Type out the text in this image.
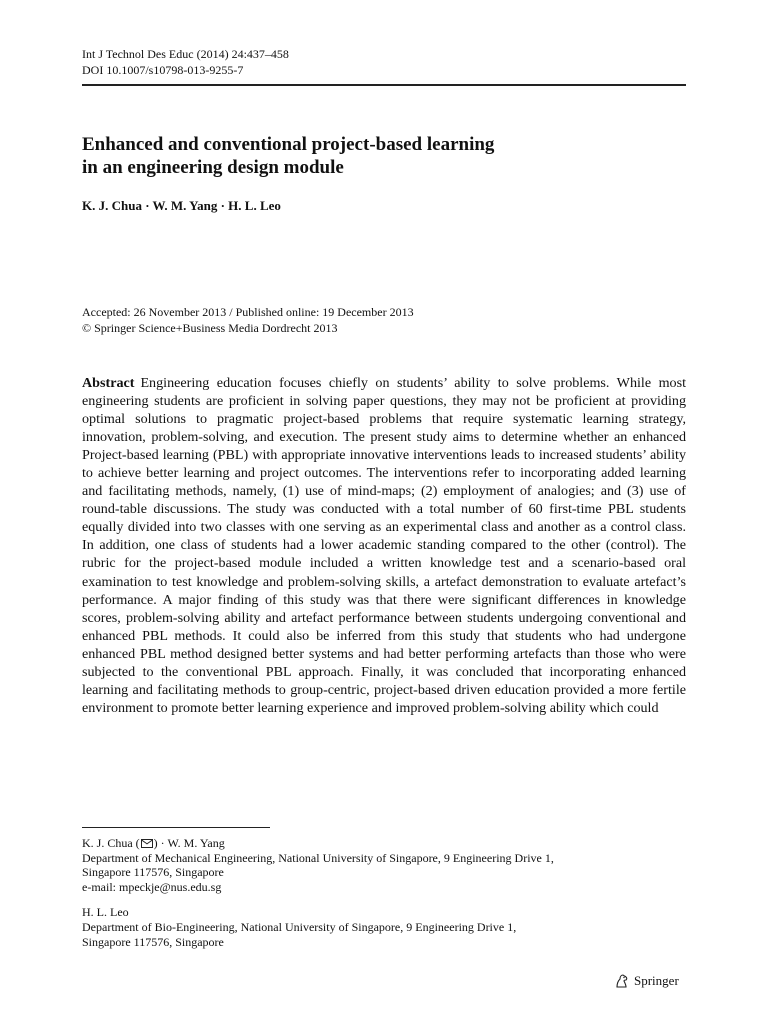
Int J Technol Des Educ (2014) 24:437–458
DOI 10.1007/s10798-013-9255-7
Enhanced and conventional project-based learning
in an engineering design module
K. J. Chua · W. M. Yang · H. L. Leo
Accepted: 26 November 2013 / Published online: 19 December 2013
© Springer Science+Business Media Dordrecht 2013
Abstract Engineering education focuses chiefly on students’ ability to solve problems. While most engineering students are proficient in solving paper questions, they may not be proficient at providing optimal solutions to pragmatic project-based problems that require systematic learning strategy, innovation, problem-solving, and execution. The present study aims to determine whether an enhanced Project-based learning (PBL) with appropriate innovative interventions leads to increased students’ ability to achieve better learning and project outcomes. The interventions refer to incorporating added learning and facilitating methods, namely, (1) use of mind-maps; (2) employment of analogies; and (3) use of round-table discussions. The study was conducted with a total number of 60 first-time PBL students equally divided into two classes with one serving as an experimental class and another as a control class. In addition, one class of students had a lower academic standing compared to the other (control). The rubric for the project-based module included a written knowledge test and a scenario-based oral examination to test knowledge and problem-solving skills, a artefact demonstration to evaluate artefact’s performance. A major finding of this study was that there were significant differences in knowledge scores, problem-solving ability and artefact performance between students undergoing conventional and enhanced PBL methods. It could also be inferred from this study that students who had undergone enhanced PBL method designed better systems and had better performing artefacts than those who were subjected to the conventional PBL approach. Finally, it was concluded that incorporating enhanced learning and facilitating methods to group-centric, project-based driven education provided a more fertile environment to promote better learning experience and improved problem-solving ability which could
K. J. Chua ( ) · W. M. Yang
Department of Mechanical Engineering, National University of Singapore, 9 Engineering Drive 1,
Singapore 117576, Singapore
e-mail: mpeckje@nus.edu.sg
H. L. Leo
Department of Bio-Engineering, National University of Singapore, 9 Engineering Drive 1,
Singapore 117576, Singapore
Springer
